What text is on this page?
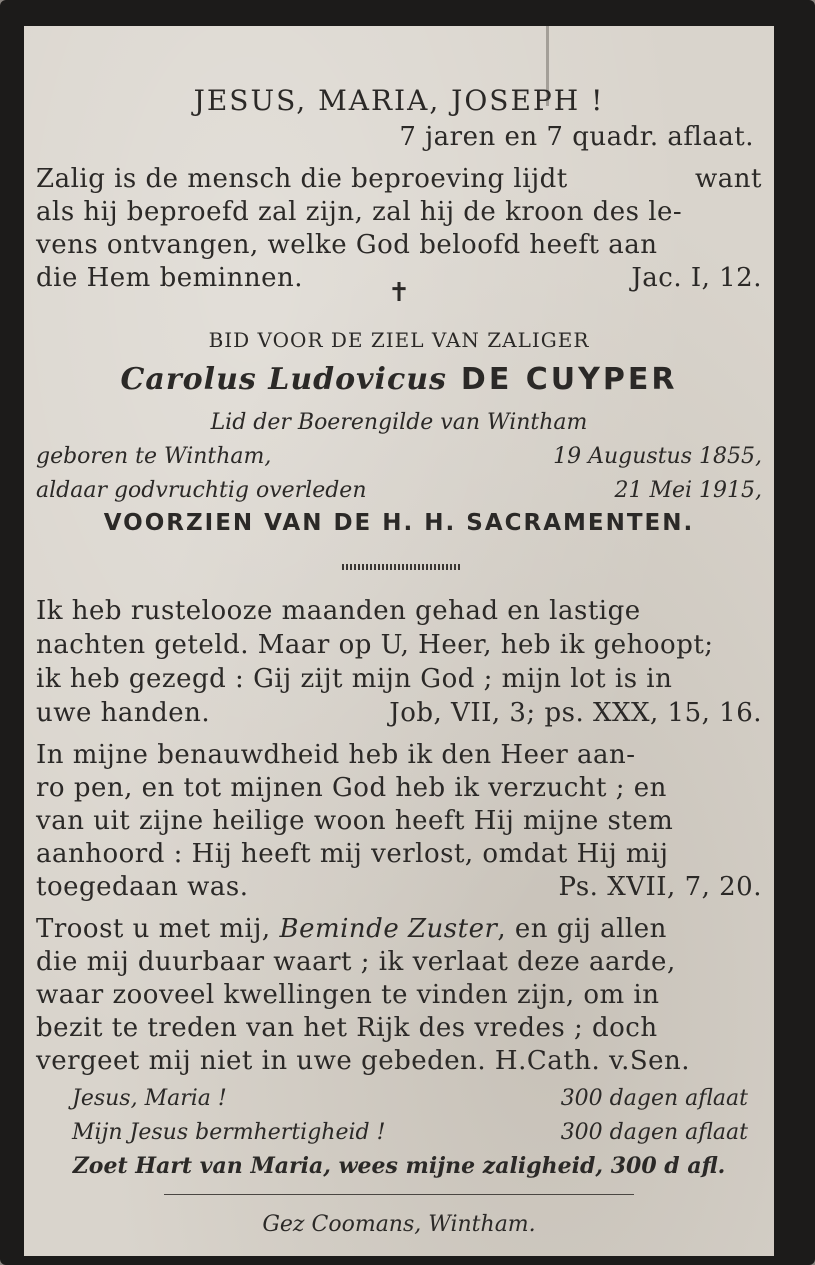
JESUS, MARIA, JOSEPH !
7 jaren en 7 quadr. aflaat.
Zalig is de mensch die beproeving lijdt	want
als hij beproefd zal zijn, zal hij de kroon des le-
vens ontvangen, welke God beloofd heeft aan
die Hem beminnen.	Jac. I, 12.
✝
BID VOOR DE ZIEL VAN ZALIGER
Carolus Ludovicus DE CUYPER
Lid der Boerengilde van Wintham
geboren te Wintham,	19 Augustus 1855,
aldaar godvruchtig overleden	21 Mei 1915,
VOORZIEN VAN DE H. H. SACRAMENTEN.
Ik heb rustelooze maanden gehad en lastige
nachten geteld. Maar op U, Heer, heb ik gehoopt;
ik heb gezegd : Gij zijt mijn God ; mijn lot is in
uwe handen.	Job, VII, 3; ps. XXX, 15, 16.
In mijne benauwdheid heb ik den Heer aan-
ro pen, en tot mijnen God heb ik verzucht ; en
van uit zijne heilige woon heeft Hij mijne stem
aanhoord : Hij heeft mij verlost, omdat Hij mij
toegedaan was.	Ps. XVII, 7, 20.
Troost u met mij, Beminde Zuster, en gij allen
die mij duurbaar waart ; ik verlaat deze aarde,
waar zooveel kwellingen te vinden zijn, om in
bezit te treden van het Rijk des vredes ; doch
vergeet mij niet in uwe gebeden. H.Cath. v.Sen.
Jesus, Maria !	300 dagen aflaat
Mijn Jesus bermhertigheid !	300 dagen aflaat
Zoet Hart van Maria, wees mijne zaligheid, 300 d afl.
Gez Coomans, Wintham.
